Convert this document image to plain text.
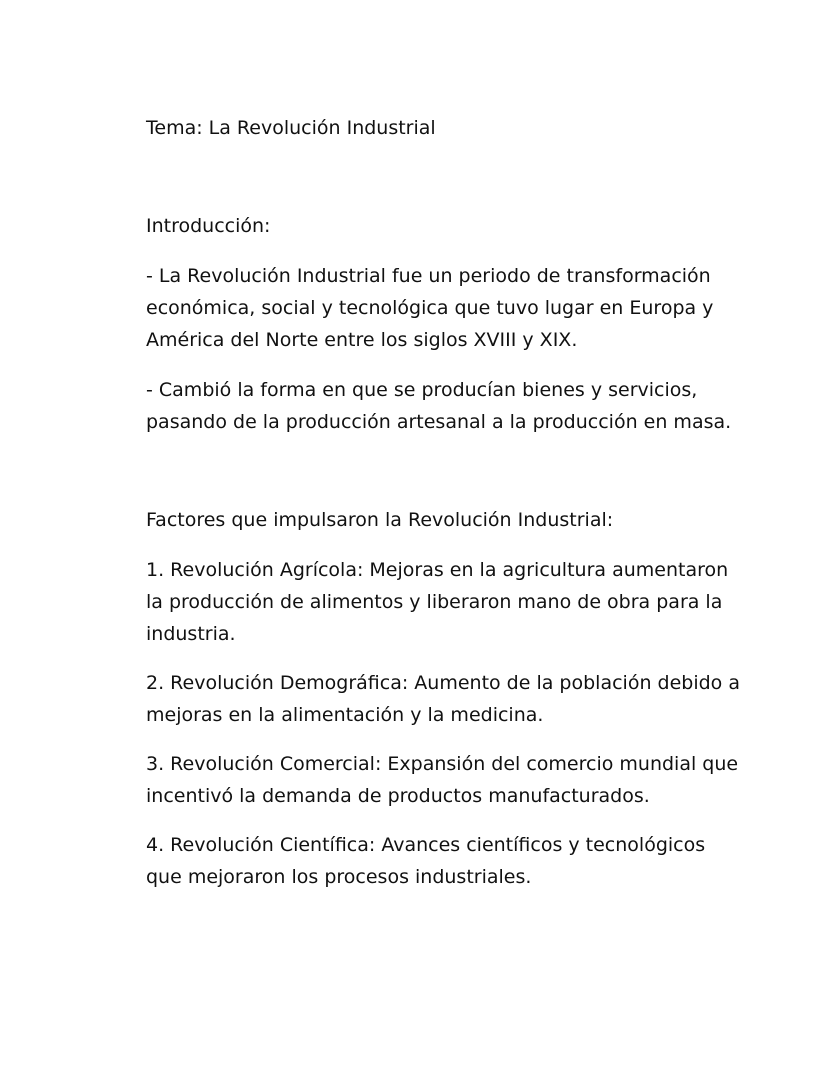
Tema: La Revolución Industrial

Introducción:

- La Revolución Industrial fue un periodo de transformación económica, social y tecnológica que tuvo lugar en Europa y América del Norte entre los siglos XVIII y XIX.

- Cambió la forma en que se producían bienes y servicios, pasando de la producción artesanal a la producción en masa.

Factores que impulsaron la Revolución Industrial:

1. Revolución Agrícola: Mejoras en la agricultura aumentaron la producción de alimentos y liberaron mano de obra para la industria.

2. Revolución Demográfica: Aumento de la población debido a mejoras en la alimentación y la medicina.

3. Revolución Comercial: Expansión del comercio mundial que incentivó la demanda de productos manufacturados.

4. Revolución Científica: Avances científicos y tecnológicos que mejoraron los procesos industriales.
